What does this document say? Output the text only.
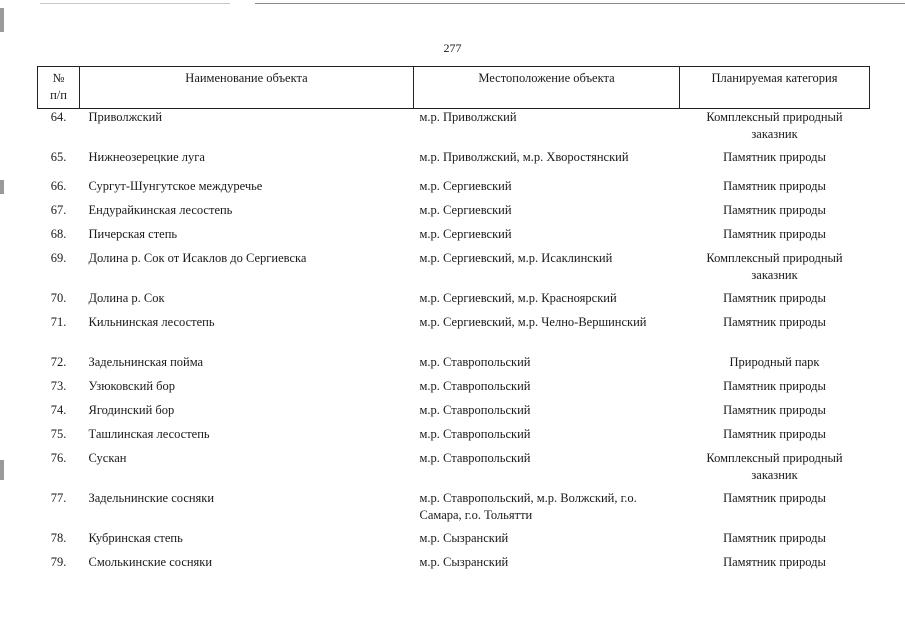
277
№
п/п	Наименование объекта	Местоположение объекта	Планируемая категория
64.	Приволжский	м.р. Приволжский	Комплексный природный заказник
65.	Нижнеозерецкие луга	м.р. Приволжский, м.р. Хворостянский	Памятник природы
66.	Сургут-Шунгутское междуречье	м.р. Сергиевский	Памятник природы
67.	Ендурайкинская лесостепь	м.р. Сергиевский	Памятник природы
68.	Пичерская степь	м.р. Сергиевский	Памятник природы
69.	Долина р. Сок от Исаклов до Сергиевска	м.р. Сергиевский, м.р. Исаклинский	Комплексный природный заказник
70.	Долина р. Сок	м.р. Сергиевский, м.р. Красноярский	Памятник природы
71.	Кильнинская лесостепь	м.р. Сергиевский, м.р. Челно-Вершинский	Памятник природы
72.	Задельнинская пойма	м.р. Ставропольский	Природный парк
73.	Узюковский бор	м.р. Ставропольский	Памятник природы
74.	Ягодинский бор	м.р. Ставропольский	Памятник природы
75.	Ташлинская лесостепь	м.р. Ставропольский	Памятник природы
76.	Сускан	м.р. Ставропольский	Комплексный природный заказник
77.	Задельнинские сосняки	м.р. Ставропольский, м.р. Волжский, г.о. Самара, г.о. Тольятти	Памятник природы
78.	Кубринская степь	м.р. Сызранский	Памятник природы
79.	Смолькинские сосняки	м.р. Сызранский	Памятник природы
